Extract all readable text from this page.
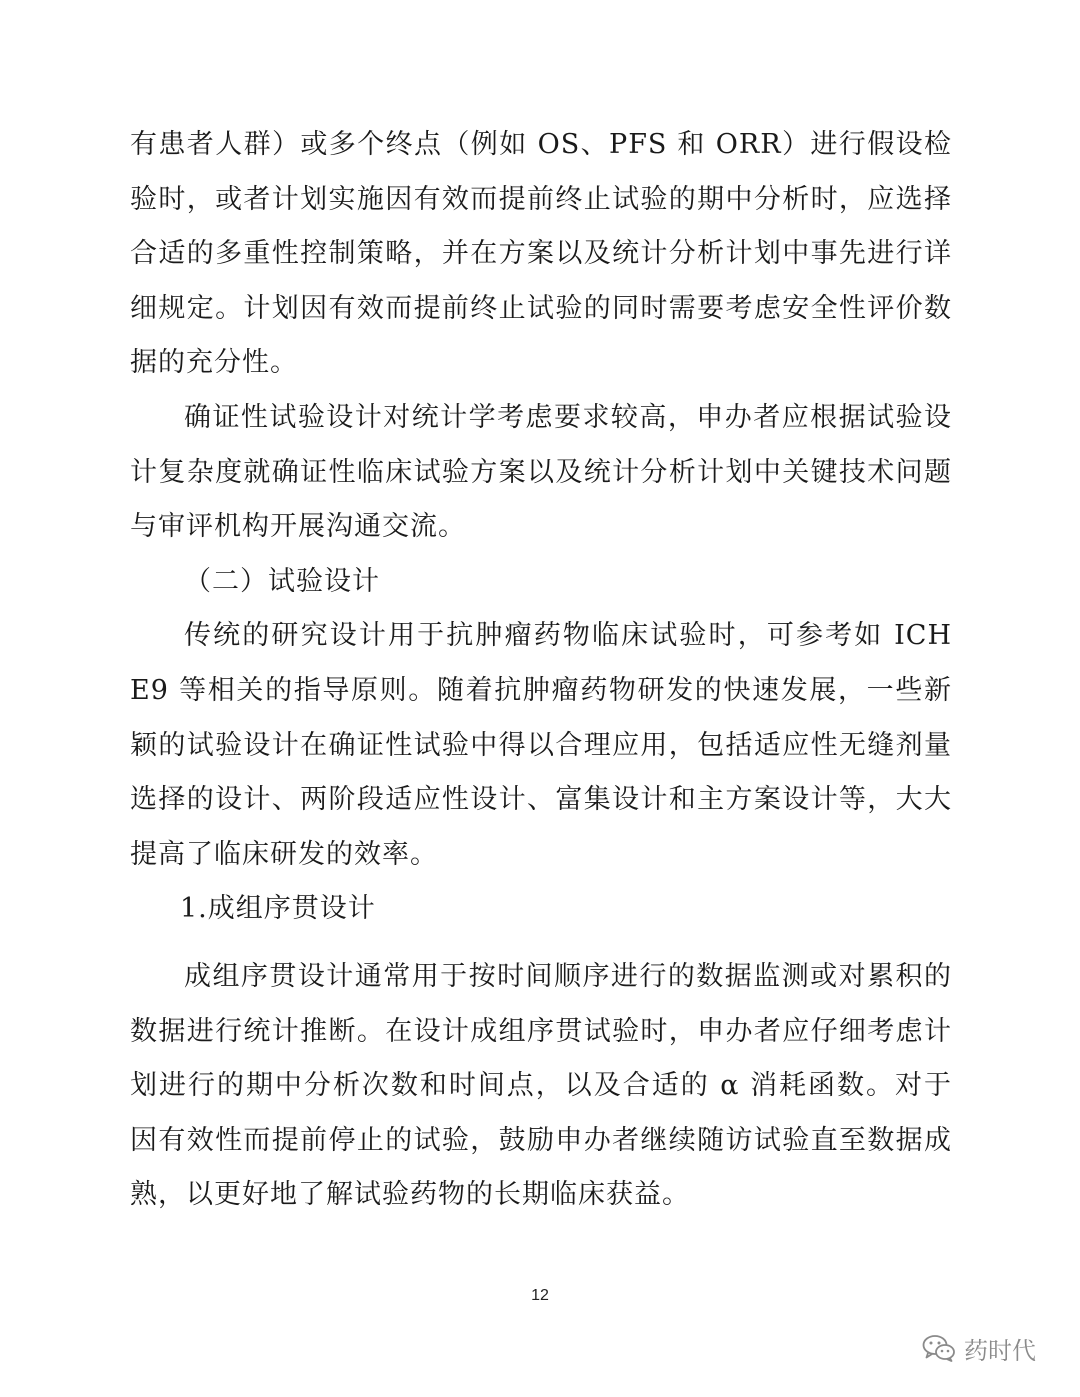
有患者人群）或多个终点（例如 OS、PFS 和 ORR）进行假设检验时，或者计划实施因有效而提前终止试验的期中分析时，应选择合适的多重性控制策略，并在方案以及统计分析计划中事先进行详细规定。计划因有效而提前终止试验的同时需要考虑安全性评价数据的充分性。

确证性试验设计对统计学考虑要求较高，申办者应根据试验设计复杂度就确证性临床试验方案以及统计分析计划中关键技术问题与审评机构开展沟通交流。

（二）试验设计

传统的研究设计用于抗肿瘤药物临床试验时，可参考如 ICH E9 等相关的指导原则。随着抗肿瘤药物研发的快速发展，一些新颖的试验设计在确证性试验中得以合理应用，包括适应性无缝剂量选择的设计、两阶段适应性设计、富集设计和主方案设计等，大大提高了临床研发的效率。

1.成组序贯设计

成组序贯设计通常用于按时间顺序进行的数据监测或对累积的数据进行统计推断。在设计成组序贯试验时，申办者应仔细考虑计划进行的期中分析次数和时间点，以及合适的 α 消耗函数。对于因有效性而提前停止的试验，鼓励申办者继续随访试验直至数据成熟，以更好地了解试验药物的长期临床获益。

12
药时代
